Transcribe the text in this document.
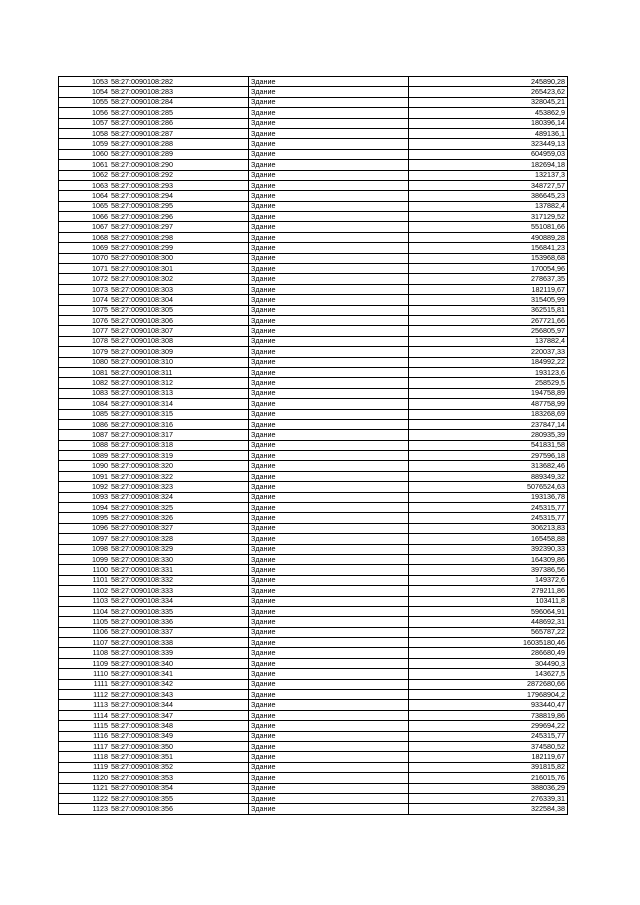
1053	58:27:0090108:282	Здание	245890,28
1054	58:27:0090108:283	Здание	265423,62
1055	58:27:0090108:284	Здание	328045,21
1056	58:27:0090108:285	Здание	453862,9
1057	58:27:0090108:286	Здание	180396,14
1058	58:27:0090108:287	Здание	489136,1
1059	58:27:0090108:288	Здание	323449,13
1060	58:27:0090108:289	Здание	604959,03
1061	58:27:0090108:290	Здание	182694,18
1062	58:27:0090108:292	Здание	132137,3
1063	58:27:0090108:293	Здание	348727,57
1064	58:27:0090108:294	Здание	386645,23
1065	58:27:0090108:295	Здание	137882,4
1066	58:27:0090108:296	Здание	317129,52
1067	58:27:0090108:297	Здание	551081,66
1068	58:27:0090108:298	Здание	490889,28
1069	58:27:0090108:299	Здание	156841,23
1070	58:27:0090108:300	Здание	153968,68
1071	58:27:0090108:301	Здание	170054,96
1072	58:27:0090108:302	Здание	278637,35
1073	58:27:0090108:303	Здание	182119,67
1074	58:27:0090108:304	Здание	315405,99
1075	58:27:0090108:305	Здание	362515,81
1076	58:27:0090108:306	Здание	267721,66
1077	58:27:0090108:307	Здание	256805,97
1078	58:27:0090108:308	Здание	137882,4
1079	58:27:0090108:309	Здание	220037,33
1080	58:27:0090108:310	Здание	184992,22
1081	58:27:0090108:311	Здание	193123,6
1082	58:27:0090108:312	Здание	258529,5
1083	58:27:0090108:313	Здание	194758,89
1084	58:27:0090108:314	Здание	487758,99
1085	58:27:0090108:315	Здание	183268,69
1086	58:27:0090108:316	Здание	237847,14
1087	58:27:0090108:317	Здание	280935,39
1088	58:27:0090108:318	Здание	541831,58
1089	58:27:0090108:319	Здание	297596,18
1090	58:27:0090108:320	Здание	313682,46
1091	58:27:0090108:322	Здание	889349,32
1092	58:27:0090108:323	Здание	5076524,63
1093	58:27:0090108:324	Здание	193136,78
1094	58:27:0090108:325	Здание	245315,77
1095	58:27:0090108:326	Здание	245315,77
1096	58:27:0090108:327	Здание	306213,83
1097	58:27:0090108:328	Здание	165458,88
1098	58:27:0090108:329	Здание	392390,33
1099	58:27:0090108:330	Здание	164309,86
1100	58:27:0090108:331	Здание	397386,56
1101	58:27:0090108:332	Здание	149372,6
1102	58:27:0090108:333	Здание	279211,86
1103	58:27:0090108:334	Здание	103411,8
1104	58:27:0090108:335	Здание	596064,91
1105	58:27:0090108:336	Здание	448692,31
1106	58:27:0090108:337	Здание	565787,22
1107	58:27:0090108:338	Здание	16035180,46
1108	58:27:0090108:339	Здание	286680,49
1109	58:27:0090108:340	Здание	304490,3
1110	58:27:0090108:341	Здание	143627,5
1111	58:27:0090108:342	Здание	2872680,66
1112	58:27:0090108:343	Здание	17968904,2
1113	58:27:0090108:344	Здание	933440,47
1114	58:27:0090108:347	Здание	738819,86
1115	58:27:0090108:348	Здание	299694,22
1116	58:27:0090108:349	Здание	245315,77
1117	58:27:0090108:350	Здание	374580,52
1118	58:27:0090108:351	Здание	182119,67
1119	58:27:0090108:352	Здание	391815,82
1120	58:27:0090108:353	Здание	216015,76
1121	58:27:0090108:354	Здание	388036,29
1122	58:27:0090108:355	Здание	276339,31
1123	58:27:0090108:356	Здание	322584,38
